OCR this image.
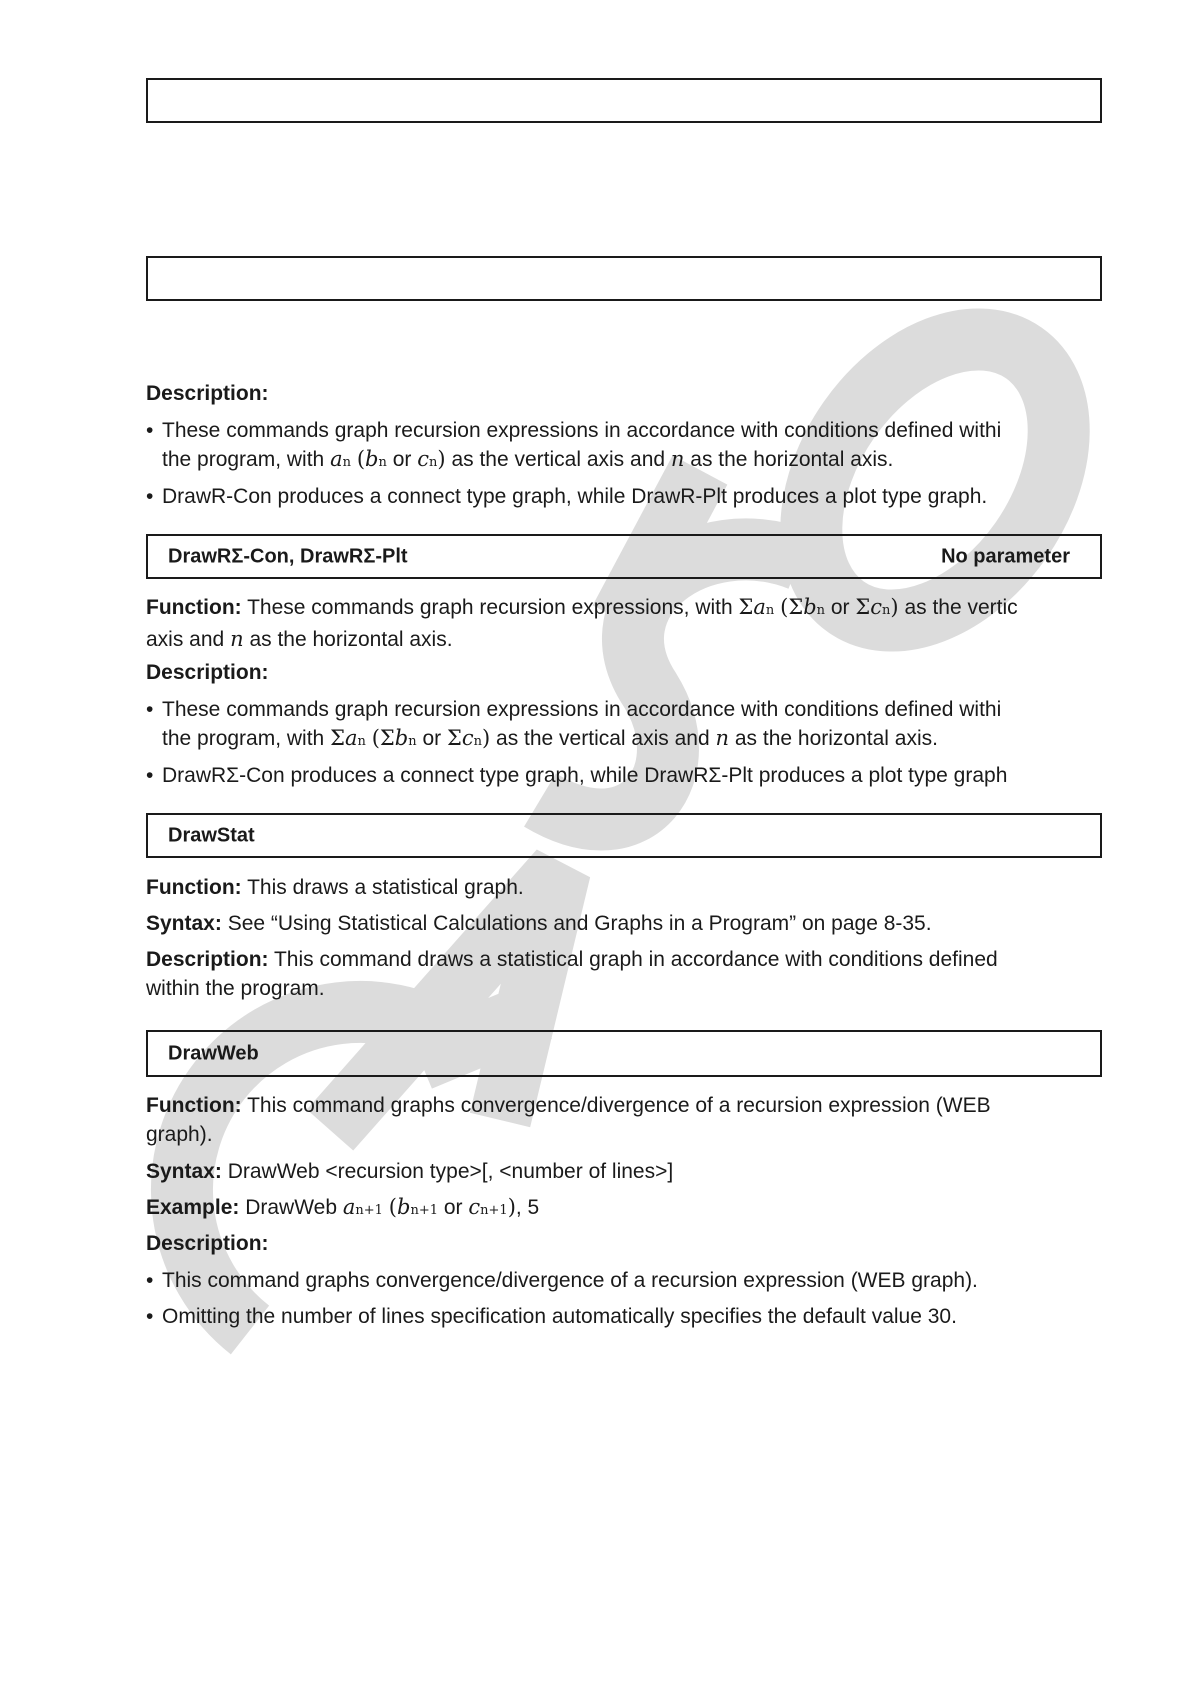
Description:
• These commands graph recursion expressions in accordance with conditions defined withi
the program, with an (bn or cn) as the vertical axis and n as the horizontal axis.
• DrawR-Con produces a connect type graph, while DrawR-Plt produces a plot type graph.
DrawRΣ-Con, DrawRΣ-Plt	No parameter
Function: These commands graph recursion expressions, with Σan (Σbn or Σcn) as the vertic
axis and n as the horizontal axis.
Description:
• These commands graph recursion expressions in accordance with conditions defined withi
the program, with Σan (Σbn or Σcn) as the vertical axis and n as the horizontal axis.
• DrawRΣ-Con produces a connect type graph, while DrawRΣ-Plt produces a plot type graph
DrawStat
Function: This draws a statistical graph.
Syntax: See “Using Statistical Calculations and Graphs in a Program” on page 8-35.
Description: This command draws a statistical graph in accordance with conditions defined
within the program.
DrawWeb
Function: This command graphs convergence/divergence of a recursion expression (WEB
graph).
Syntax: DrawWeb <recursion type>[, <number of lines>]
Example: DrawWeb an+1 (bn+1 or cn+1), 5
Description:
• This command graphs convergence/divergence of a recursion expression (WEB graph).
• Omitting the number of lines specification automatically specifies the default value 30.
